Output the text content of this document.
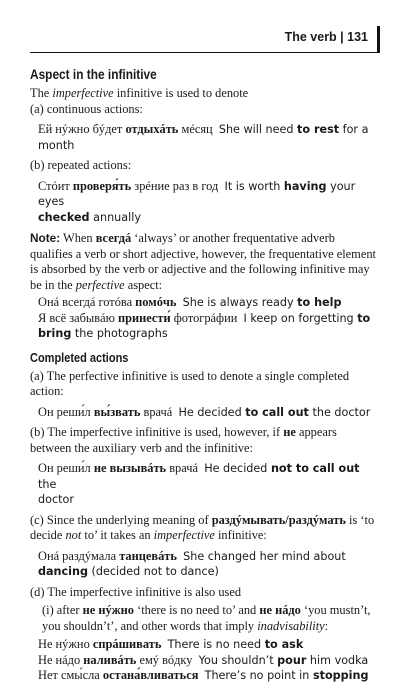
The verb | 131
Aspect in the infinitive

The imperfective infinitive is used to denote

(a) continuous actions:

Ей нýжно бýдет отдыхáть мéсяц She will need to rest for a
month

(b) repeated actions:

Стóит проверя́ть зрéние раз в год It is worth having your eyes
checked annually

Note: When всегдá ‘always’ or another frequentative adverb qualifies a verb or short adjective, however, the frequentative element is absorbed by the verb or adjective and the following infinitive may be in the perfective aspect:

Онá всегдá готóва помóчь She is always ready to help

Я всё забывáю принести́ фотогрáфии I keep on forgetting to
bring the photographs

Completed actions

(a) The perfective infinitive is used to denote a single completed action:

Он реши́л вы́звать врачá He decided to call out the doctor

(b) The imperfective infinitive is used, however, if не appears between the auxiliary verb and the infinitive:

Он реши́л не вызывáть врачá He decided not to call out the
doctor

(c) Since the underlying meaning of раздýмывать/раздýмать is ‘to decide not to’ it takes an imperfective infinitive:

Онá раздýмала танцевáть She changed her mind about
dancing (decided not to dance)

(d) The imperfective infinitive is also used

(i) after не нýжно ‘there is no need to’ and не нáдо ‘you mustn’t, you shouldn’t’, and other words that imply inadvisability:

Не нýжно спрáшивать There is no need to ask

Не нáдо наливáть емý вóдку You shouldn’t pour him vodka

Нет смы́сла остана́вливаться There’s no point in stopping
